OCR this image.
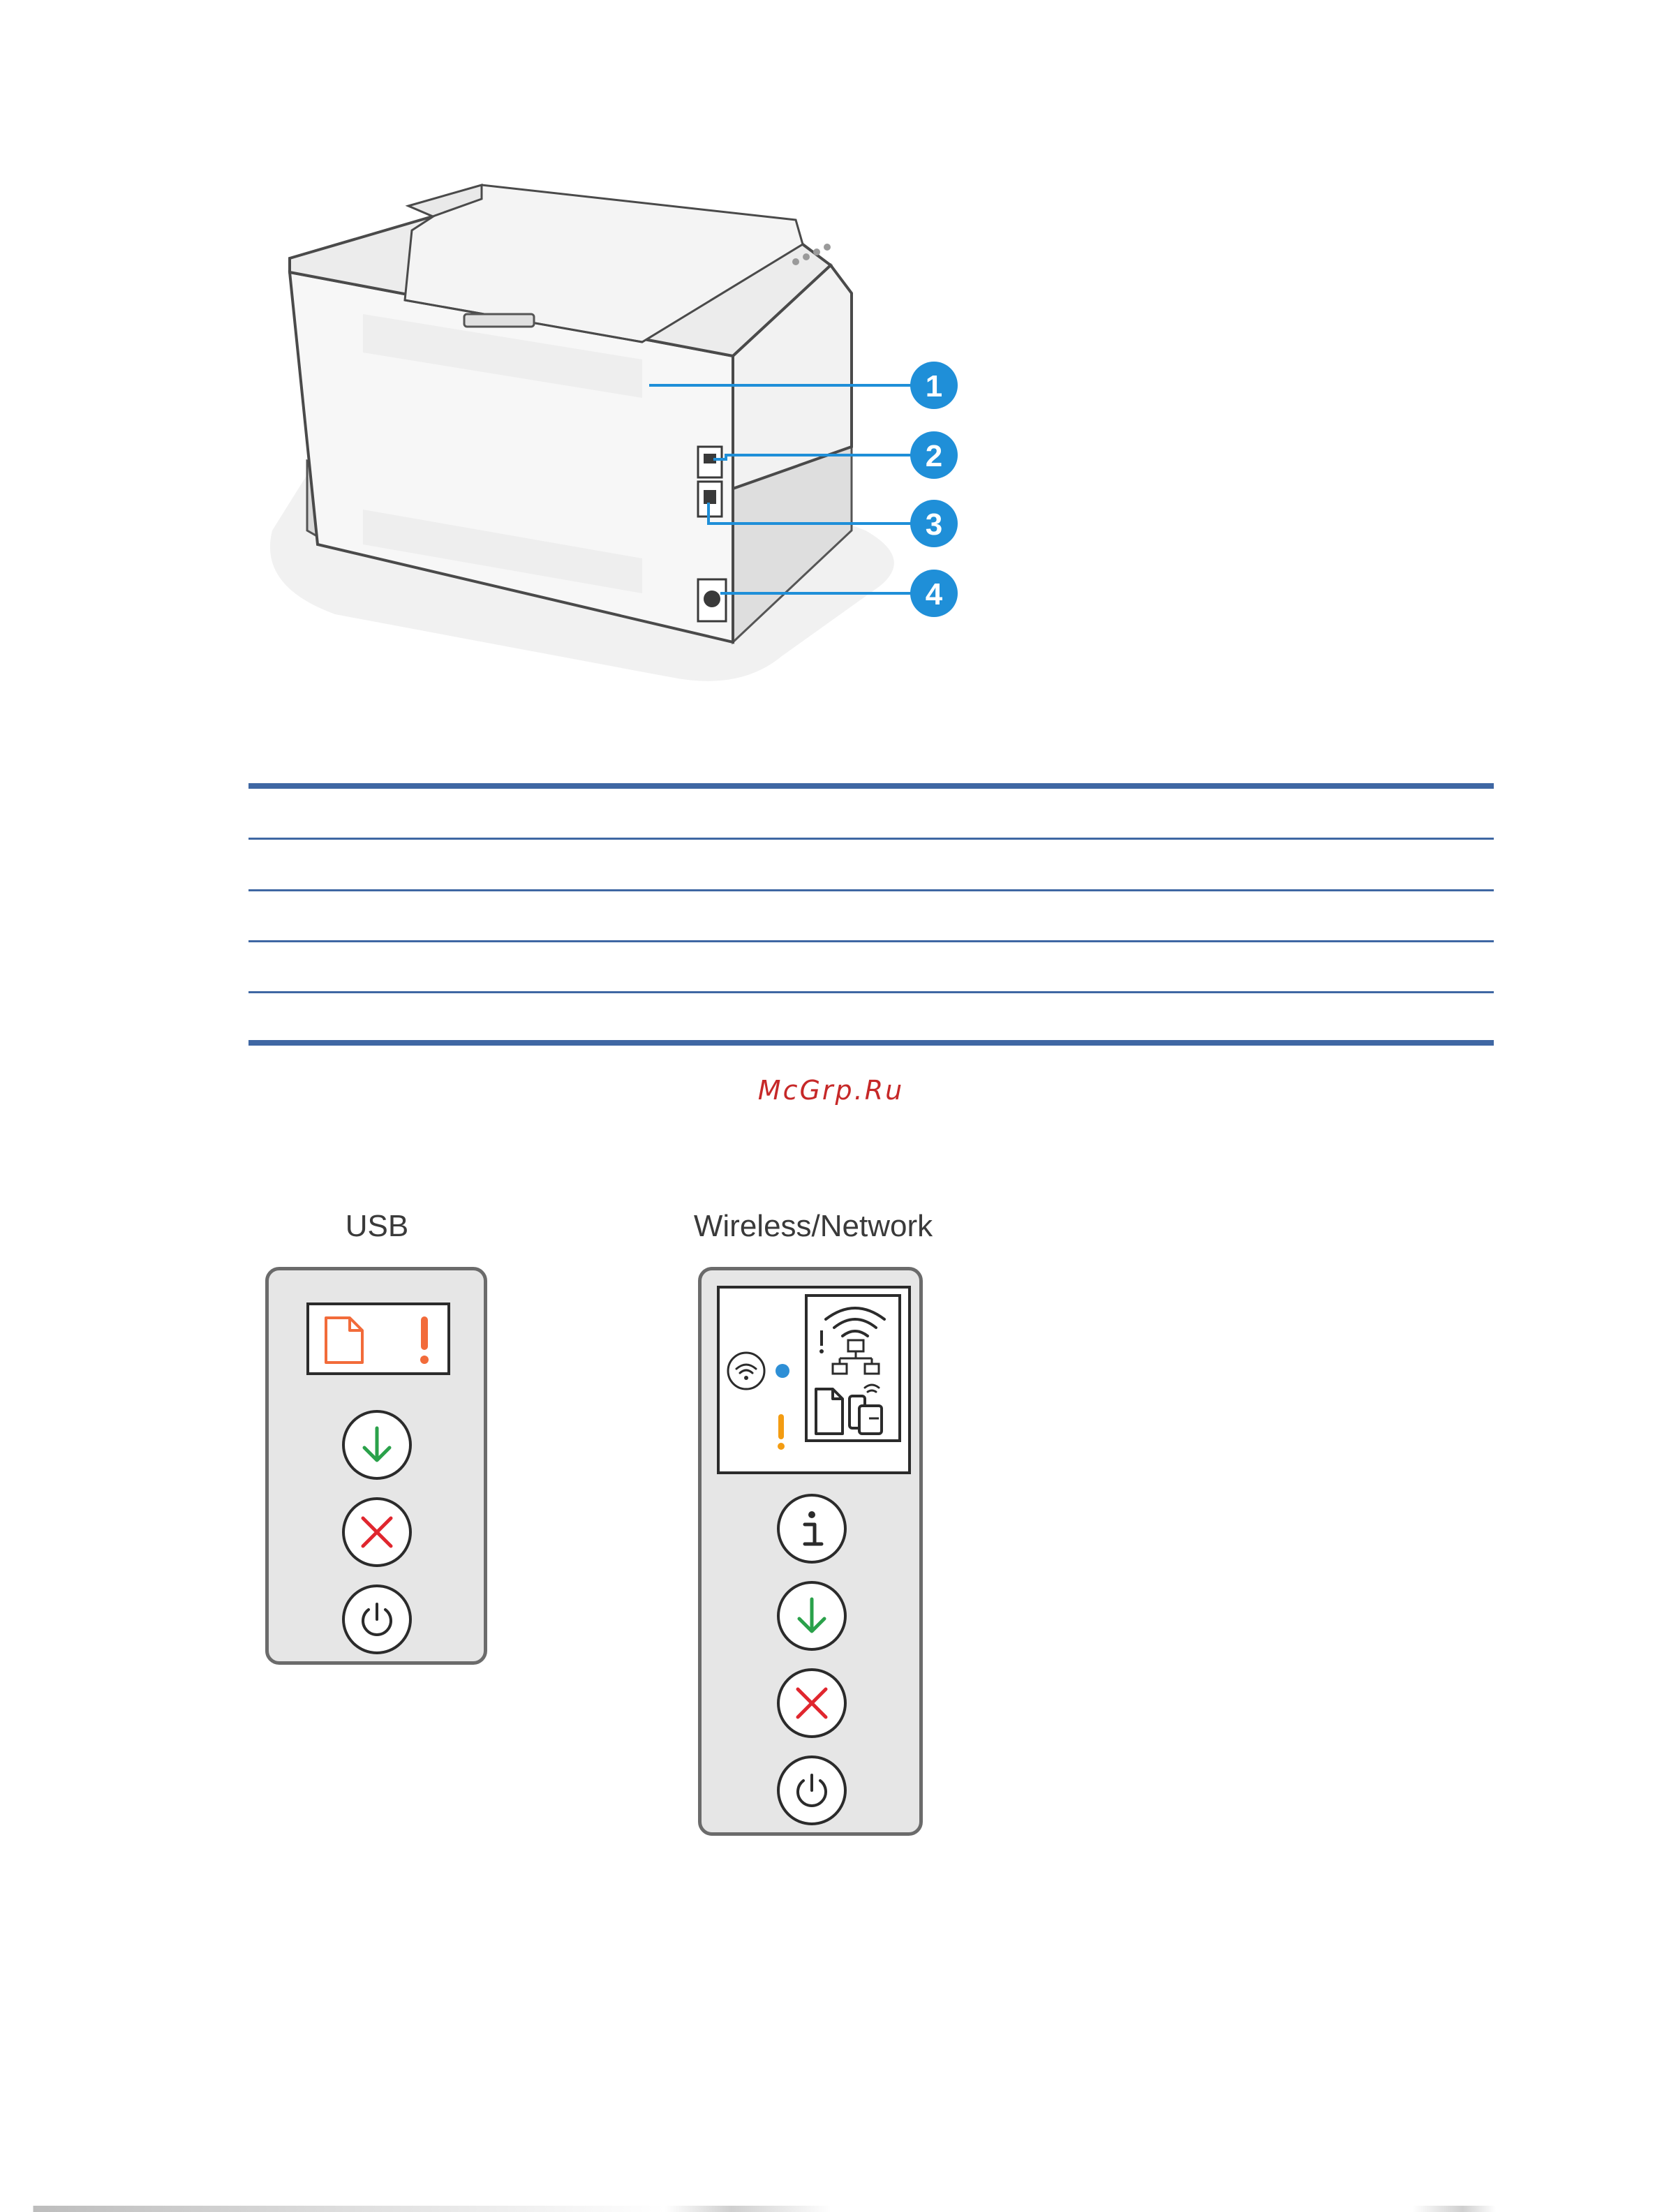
1
2
3
4
McGrp.Ru
USB	Wireless/Network
